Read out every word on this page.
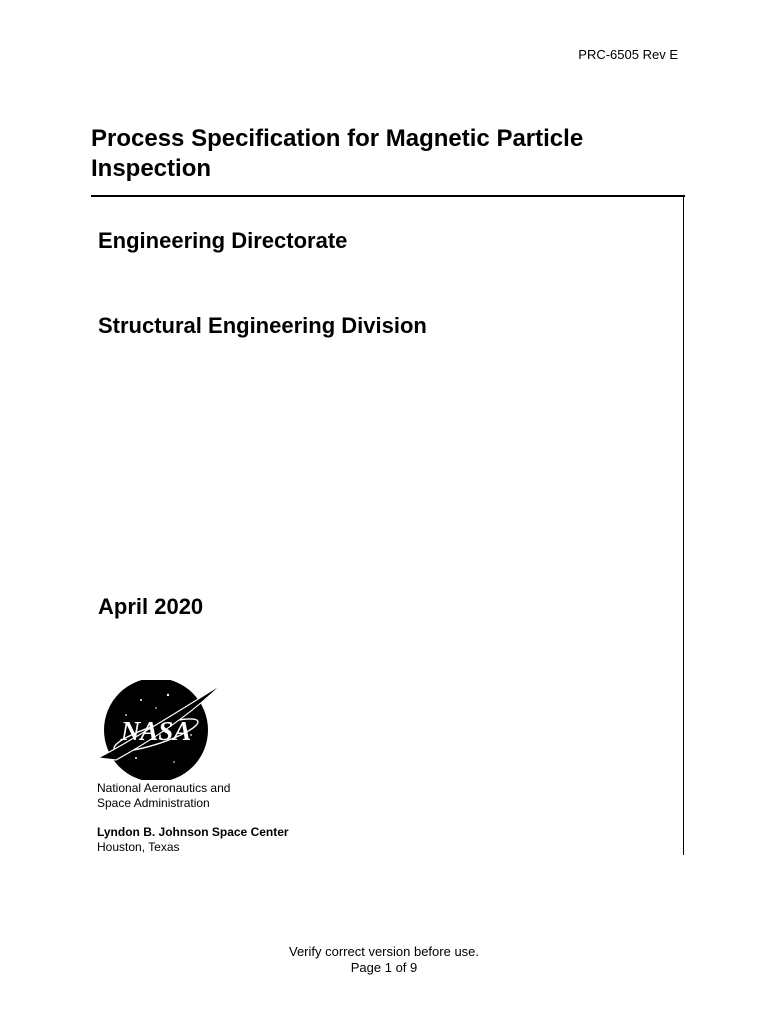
PRC-6505 Rev E
Process Specification for Magnetic Particle
Inspection
Engineering Directorate
Structural Engineering Division
April 2020
NASA
National Aeronautics and
Space Administration
Lyndon B. Johnson Space Center
Houston, Texas
Verify correct version before use.
Page 1 of 9
